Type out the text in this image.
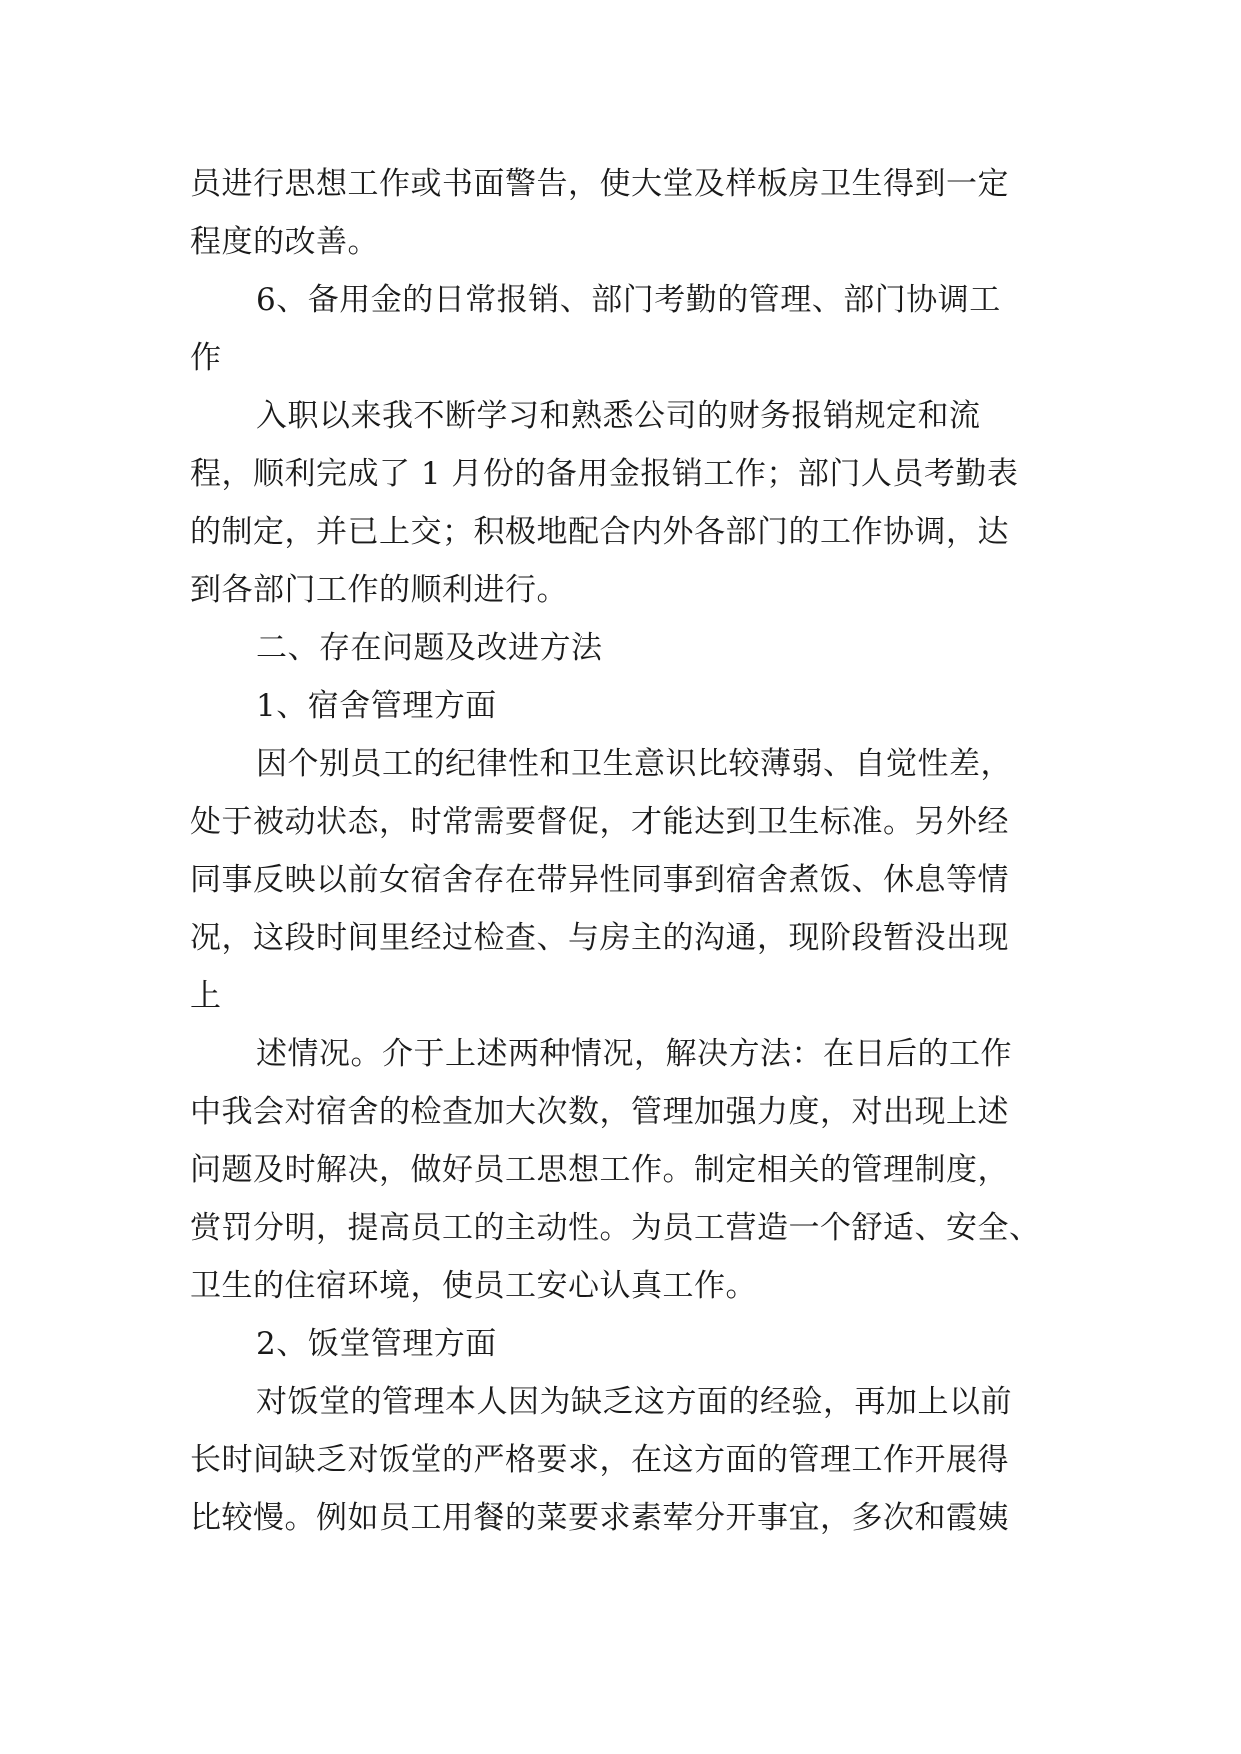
员进行思想工作或书面警告，使大堂及样板房卫生得到一定
程度的改善。
6、备用金的日常报销、部门考勤的管理、部门协调工
作
入职以来我不断学习和熟悉公司的财务报销规定和流
程，顺利完成了 1 月份的备用金报销工作；部门人员考勤表
的制定，并已上交；积极地配合内外各部门的工作协调，达
到各部门工作的顺利进行。
二、存在问题及改进方法
1、宿舍管理方面
因个别员工的纪律性和卫生意识比较薄弱、自觉性差，
处于被动状态，时常需要督促，才能达到卫生标准。另外经
同事反映以前女宿舍存在带异性同事到宿舍煮饭、休息等情
况，这段时间里经过检查、与房主的沟通，现阶段暂没出现
上
述情况。介于上述两种情况，解决方法：在日后的工作
中我会对宿舍的检查加大次数，管理加强力度，对出现上述
问题及时解决，做好员工思想工作。制定相关的管理制度，
赏罚分明，提高员工的主动性。为员工营造一个舒适、安全、
卫生的住宿环境，使员工安心认真工作。
2、饭堂管理方面
对饭堂的管理本人因为缺乏这方面的经验，再加上以前
长时间缺乏对饭堂的严格要求，在这方面的管理工作开展得
比较慢。例如员工用餐的菜要求素荤分开事宜，多次和霞姨
